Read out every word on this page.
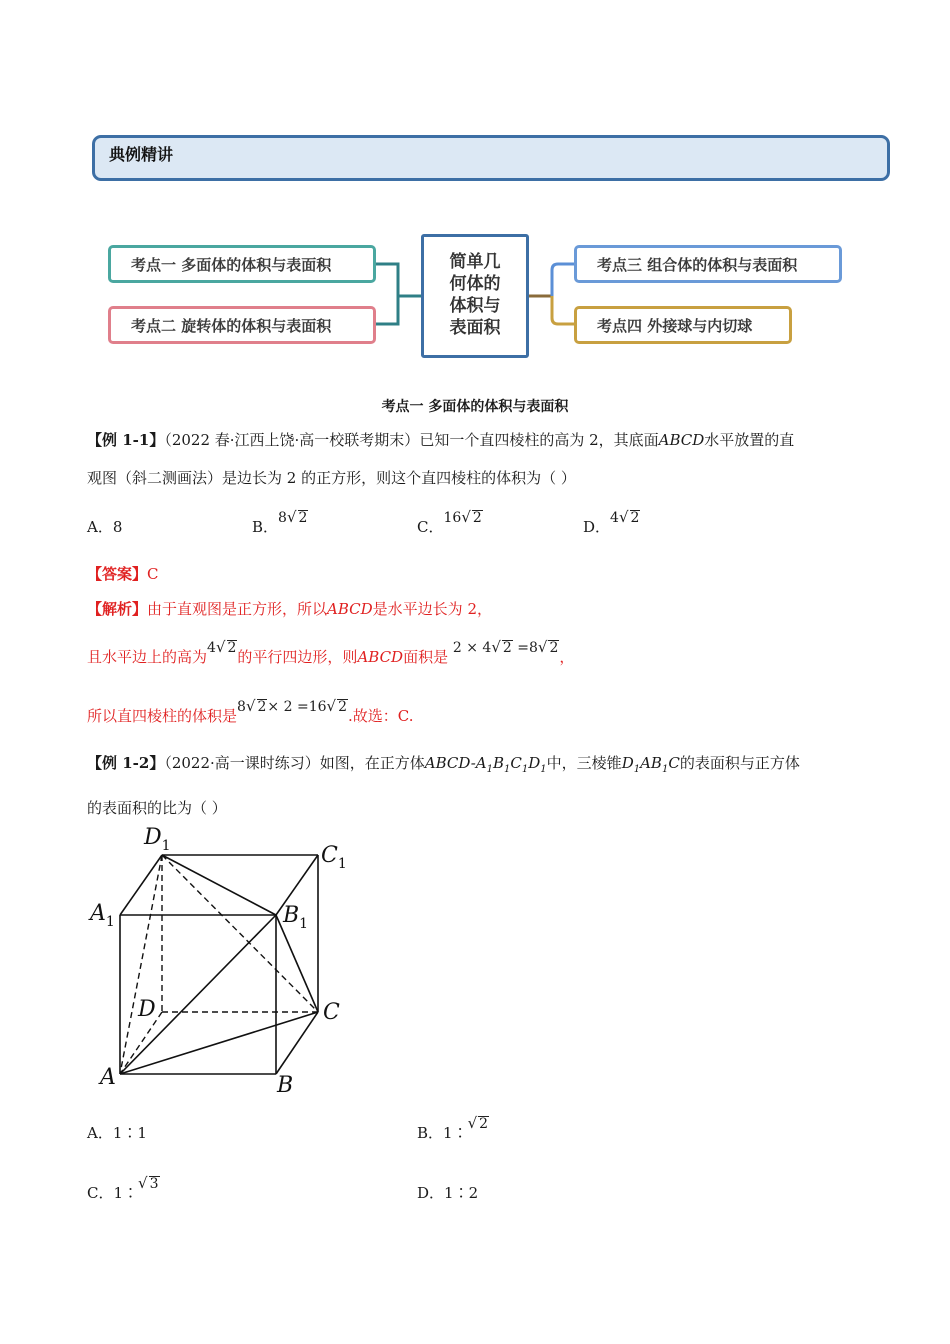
典例精讲
考点一 多面体的体积与表面积
考点二 旋转体的体积与表面积
简单几
何体的
体积与
表面积
考点三 组合体的体积与表面积
考点四 外接球与内切球
考点一 多面体的体积与表面积
【例 1-1】（2022 春·江西上饶·高一校联考期末）已知一个直四棱柱的高为 2，其底面ABCD水平放置的直
观图（斜二测画法）是边长为 2 的正方形，则这个直四棱柱的体积为（ ）
A．8	B．8√ 2	C．16√ 2	D．4√ 2
【答案】C
【解析】由于直观图是正方形，所以ABCD是水平边长为 2，
且水平边上的高为4√ 2的平行四边形，则ABCD面积是 2 × 4√ 2 =8√ 2，
所以直四棱柱的体积是8√ 2× 2 =16√ 2.故选：C.
【例 1-2】（2022·高一课时练习）如图，在正方体ABCD-$A_1B_1C_1D_1$中，三棱锥$D_1AB_1C$的表面积与正方体
的表面积的比为（ ）
$D_1$	$C_1$
$A_1$	$B_1$
D	C
A	B
A．1∶1	B．1∶√ 2
C．1∶√ 3	D．1∶2
